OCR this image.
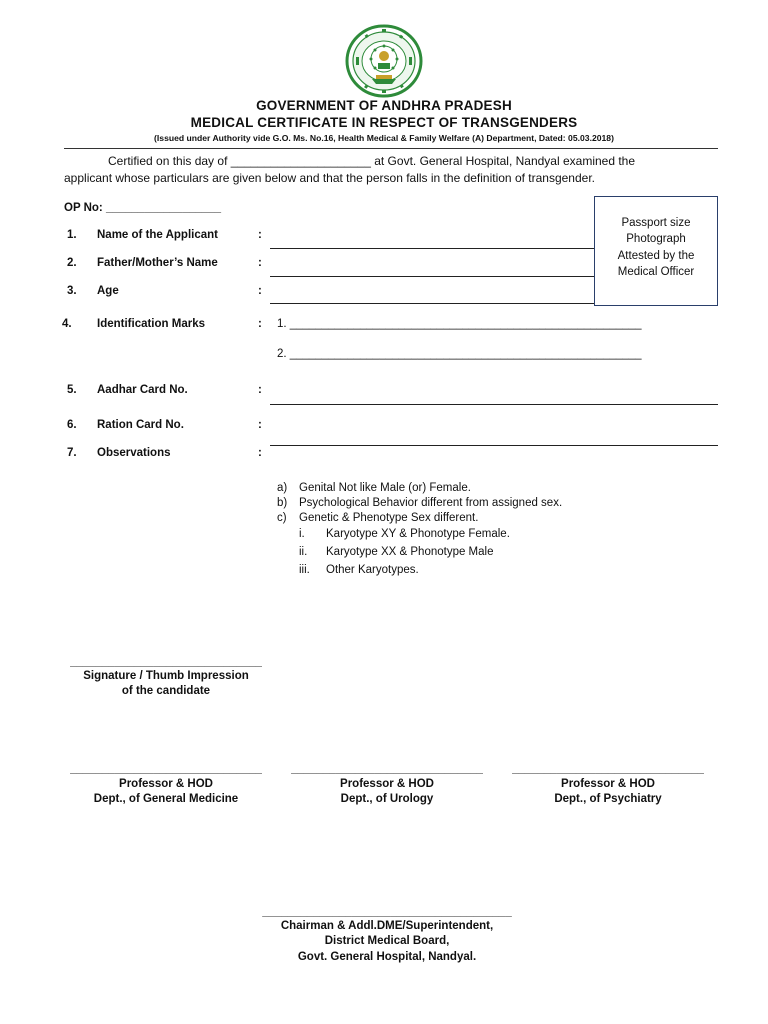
GOVERNMENT OF ANDHRA PRADESH
MEDICAL CERTIFICATE IN RESPECT OF TRANSGENDERS
(Issued under Authority vide G.O. Ms. No.16, Health Medical & Family Welfare (A) Department, Dated: 05.03.2018)
Certified on this day of _____________________ at Govt. General Hospital, Nandyal examined the
applicant whose particulars are given below and that the person falls in the definition of transgender.
OP No: __________________
Passport size
Photograph
Attested by the
Medical Officer
1. Name of the Applicant	:
2. Father/Mother’s Name	:
3. Age	:
4. Identification Marks	: 1. _______________________________________________________
2. _______________________________________________________
5. Aadhar Card No.	:
6. Ration Card No.	:
7. Observations	:
a) Genital Not like Male (or) Female.
b) Psychological Behavior different from assigned sex.
c) Genetic & Phenotype Sex different.
i. Karyotype XY & Phonotype Female.
ii. Karyotype XX & Phonotype Male
iii. Other Karyotypes.
______________________________
Signature / Thumb Impression
of the candidate
______________________________
Professor & HOD
Dept., of General Medicine
______________________________
Professor & HOD
Dept., of Urology
______________________________
Professor & HOD
Dept., of Psychiatry
_______________________________________
Chairman & Addl.DME/Superintendent,
District Medical Board,
Govt. General Hospital, Nandyal.
